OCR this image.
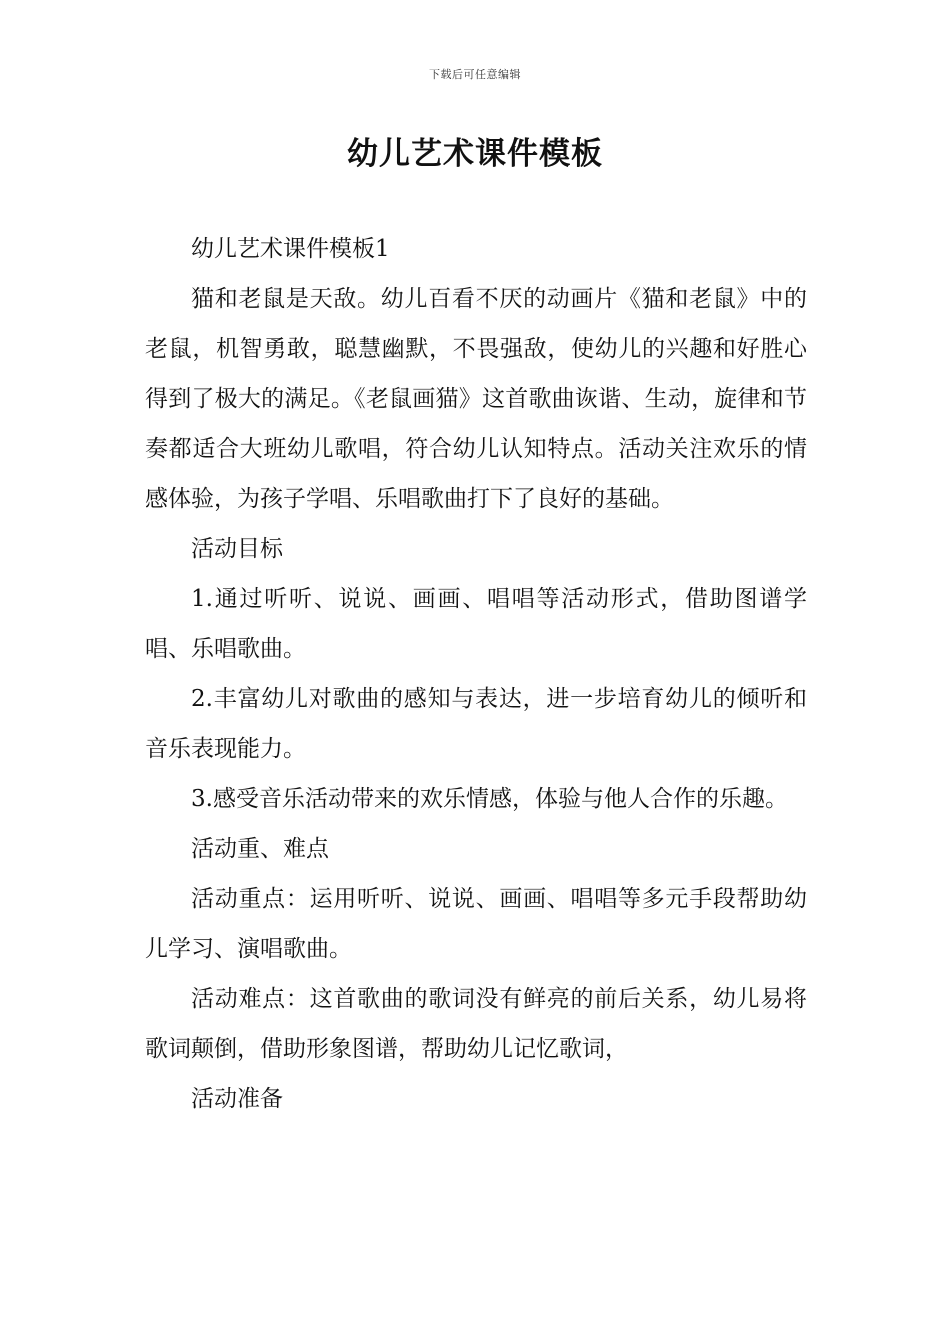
下载后可任意编辑
幼儿艺术课件模板

幼儿艺术课件模板1

猫和老鼠是天敌。幼儿百看不厌的动画片《猫和老鼠》中的老鼠，机智勇敢，聪慧幽默，不畏强敌，使幼儿的兴趣和好胜心得到了极大的满足。《老鼠画猫》这首歌曲诙谐、生动，旋律和节奏都适合大班幼儿歌唱，符合幼儿认知特点。活动关注欢乐的情感体验，为孩子学唱、乐唱歌曲打下了良好的基础。

活动目标

1.通过听听、说说、画画、唱唱等活动形式，借助图谱学唱、乐唱歌曲。

2.丰富幼儿对歌曲的感知与表达，进一步培育幼儿的倾听和音乐表现能力。

3.感受音乐活动带来的欢乐情感，体验与他人合作的乐趣。

活动重、难点

活动重点：运用听听、说说、画画、唱唱等多元手段帮助幼儿学习、演唱歌曲。

活动难点：这首歌曲的歌词没有鲜亮的前后关系，幼儿易将歌词颠倒，借助形象图谱，帮助幼儿记忆歌词，

活动准备
